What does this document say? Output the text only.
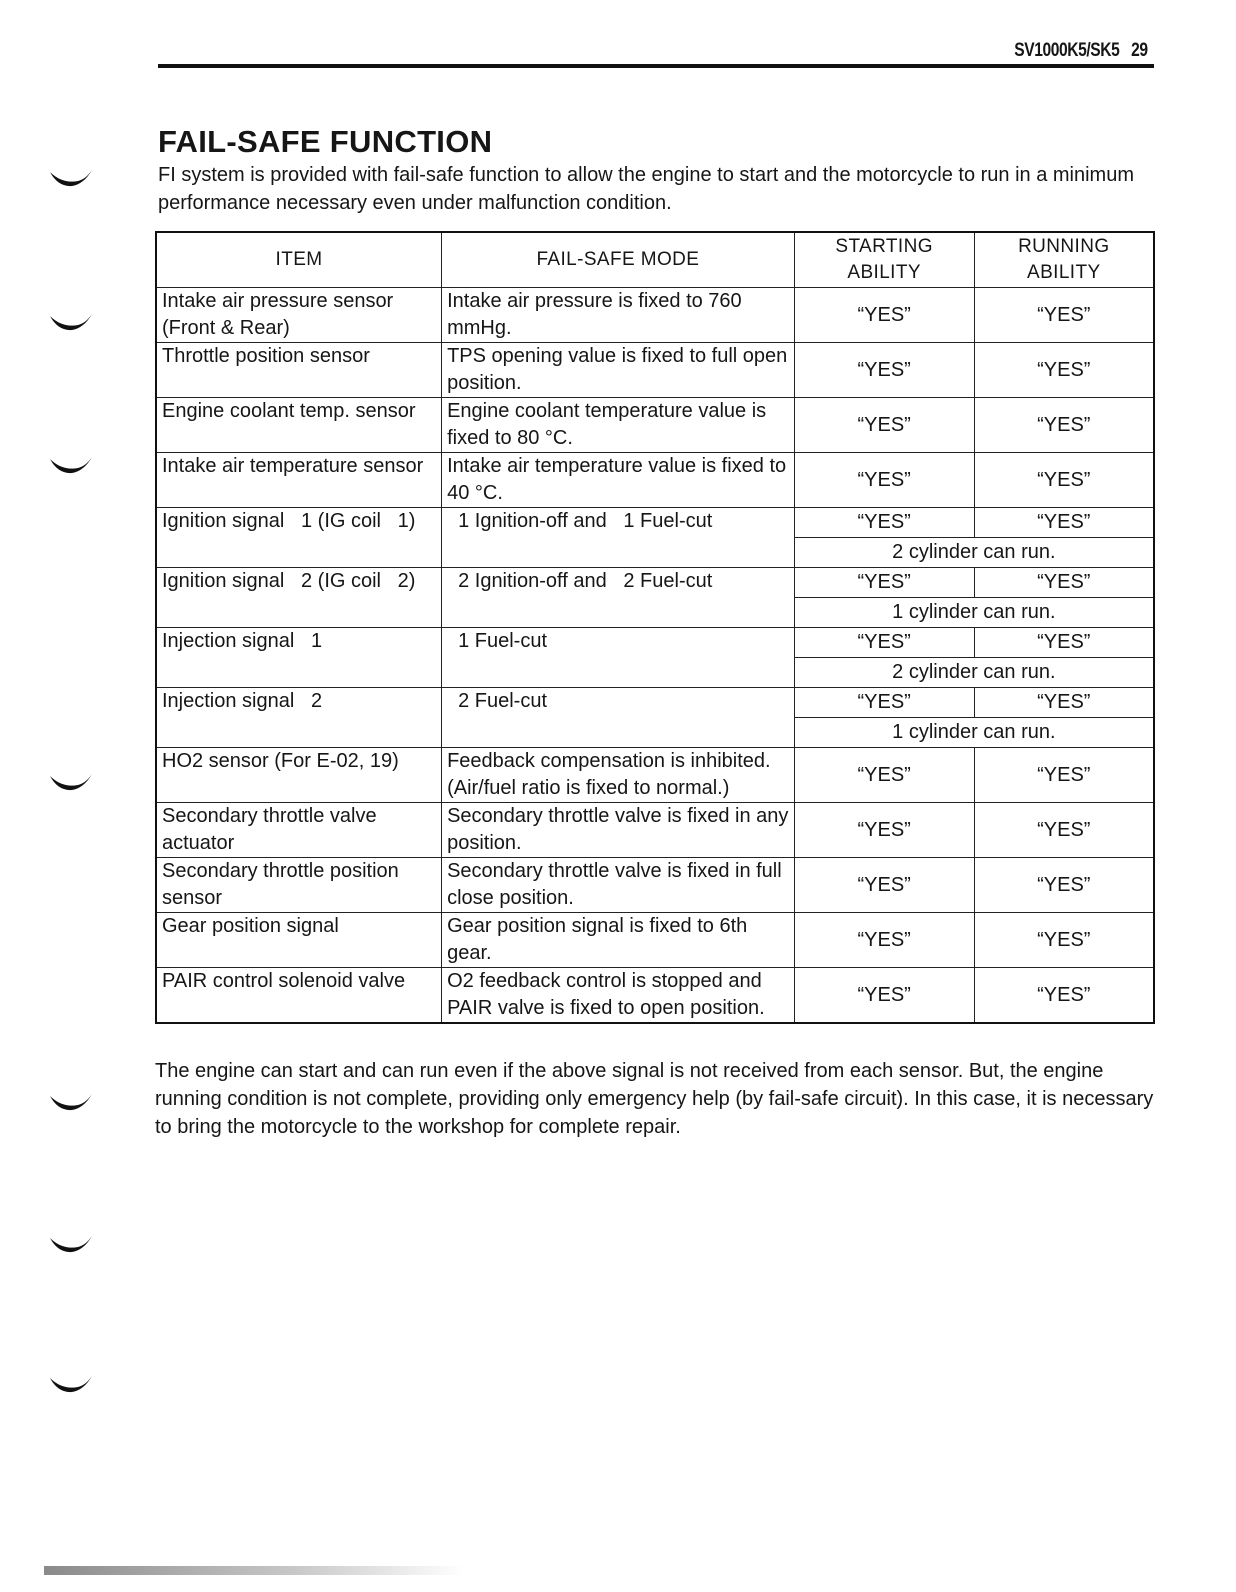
SV1000K5/SK5   29
FAIL-SAFE FUNCTION

FI system is provided with fail-safe function to allow the engine to start and the motorcycle to run in a minimum performance necessary even under malfunction condition.

ITEM	FAIL-SAFE MODE	STARTING ABILITY	RUNNING ABILITY
Intake air pressure sensor (Front & Rear)	Intake air pressure is fixed to 760 mmHg.	“YES”	“YES”
Throttle position sensor	TPS opening value is fixed to full open position.	“YES”	“YES”
Engine coolant temp. sensor	Engine coolant temperature value is fixed to 80 °C.	“YES”	“YES”
Intake air temperature sensor	Intake air temperature value is fixed to 40 °C.	“YES”	“YES”
Ignition signal   1 (IG coil   1)	1 Ignition-off and   1 Fuel-cut	“YES”	“YES”
		2 cylinder can run.	
Ignition signal   2 (IG coil   2)	2 Ignition-off and   2 Fuel-cut	“YES”	“YES”
		1 cylinder can run.	
Injection signal   1	1 Fuel-cut	“YES”	“YES”
		2 cylinder can run.	
Injection signal   2	2 Fuel-cut	“YES”	“YES”
		1 cylinder can run.	
HO2 sensor (For E-02, 19)	Feedback compensation is inhibited. (Air/fuel ratio is fixed to normal.)	“YES”	“YES”
Secondary throttle valve actuator	Secondary throttle valve is fixed in any position.	“YES”	“YES”
Secondary throttle position sensor	Secondary throttle valve is fixed in full close position.	“YES”	“YES”
Gear position signal	Gear position signal is fixed to 6th gear.	“YES”	“YES”
PAIR control solenoid valve	O2 feedback control is stopped and PAIR valve is fixed to open position.	“YES”	“YES”

The engine can start and can run even if the above signal is not received from each sensor. But, the engine running condition is not complete, providing only emergency help (by fail-safe circuit). In this case, it is necessary to bring the motorcycle to the workshop for complete repair.
